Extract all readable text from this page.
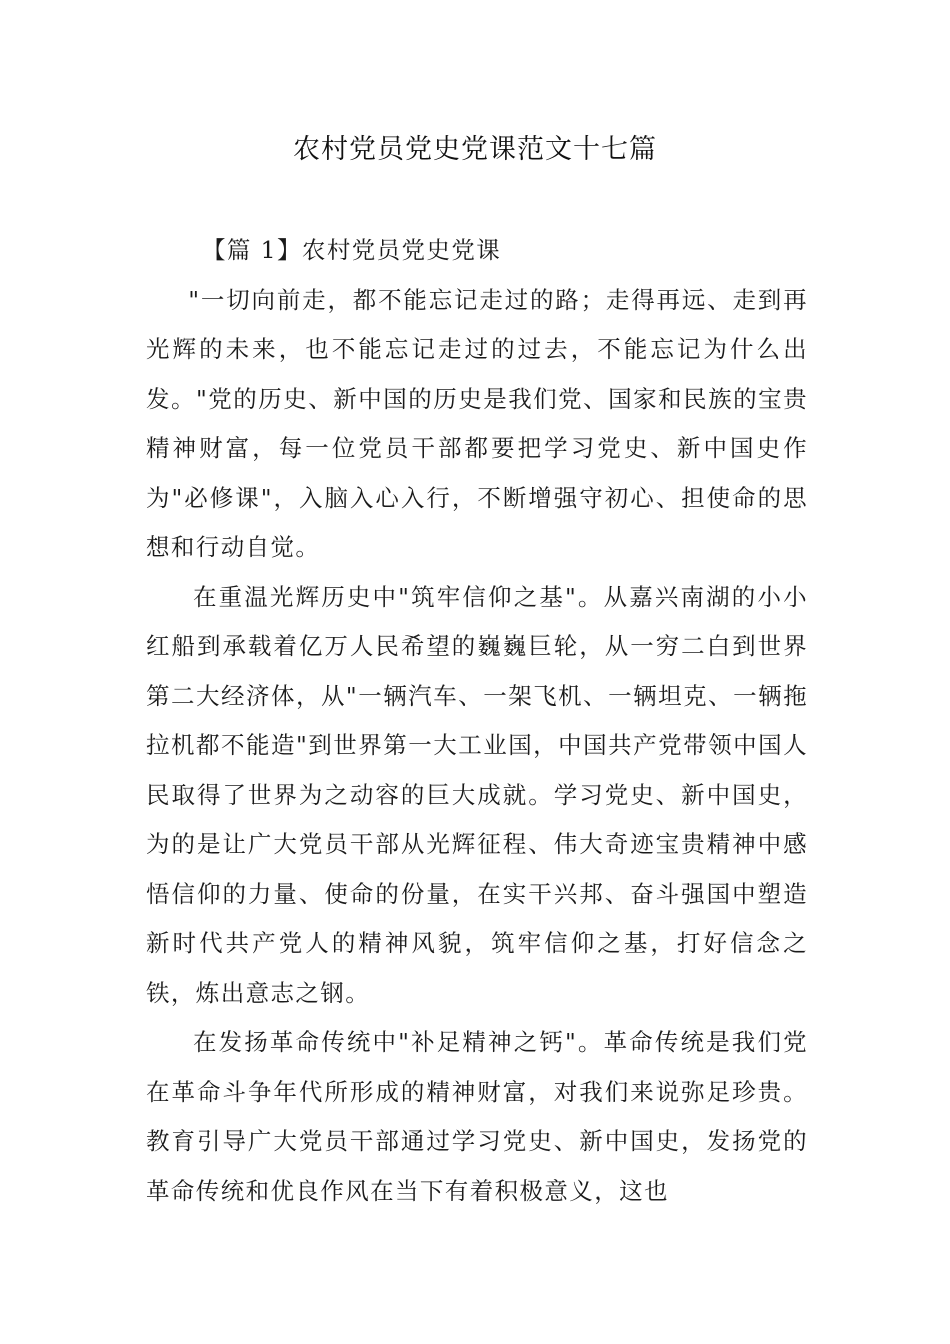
农村党员党史党课范文十七篇

【篇 1】农村党员党史党课

"一切向前走，都不能忘记走过的路；走得再远、走到再光辉的未来，也不能忘记走过的过去，不能忘记为什么出发。"党的历史、新中国的历史是我们党、国家和民族的宝贵精神财富，每一位党员干部都要把学习党史、新中国史作为"必修课"，入脑入心入行，不断增强守初心、担使命的思想和行动自觉。

在重温光辉历史中"筑牢信仰之基"。从嘉兴南湖的小小红船到承载着亿万人民希望的巍巍巨轮，从一穷二白到世界第二大经济体，从"一辆汽车、一架飞机、一辆坦克、一辆拖拉机都不能造"到世界第一大工业国，中国共产党带领中国人民取得了世界为之动容的巨大成就。学习党史、新中国史，为的是让广大党员干部从光辉征程、伟大奇迹宝贵精神中感悟信仰的力量、使命的份量，在实干兴邦、奋斗强国中塑造新时代共产党人的精神风貌，筑牢信仰之基，打好信念之铁，炼出意志之钢。

在发扬革命传统中"补足精神之钙"。革命传统是我们党在革命斗争年代所形成的精神财富，对我们来说弥足珍贵。教育引导广大党员干部通过学习党史、新中国史，发扬党的革命传统和优良作风在当下有着积极意义，这也
